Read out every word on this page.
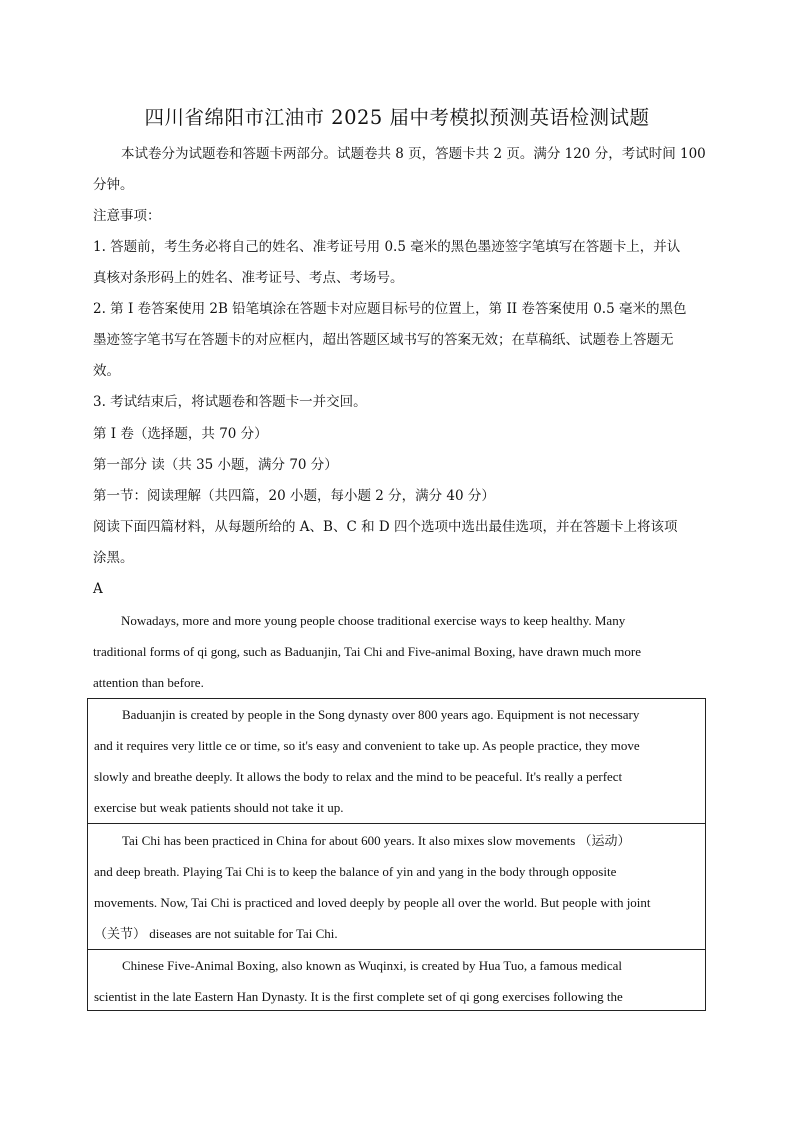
四川省绵阳市江油市 2025 届中考模拟预测英语检测试题
本试卷分为试题卷和答题卡两部分。试题卷共 8 页，答题卡共 2 页。满分 120 分，考试时间 100
分钟。
注意事项：
1. 答题前，考生务必将自己的姓名、准考证号用 0.5 毫米的黑色墨迹签字笔填写在答题卡上，并认
真核对条形码上的姓名、准考证号、考点、考场号。
2. 第 I 卷答案使用 2B 铅笔填涂在答题卡对应题目标号的位置上，第 II 卷答案使用 0.5 毫米的黑色
墨迹签字笔书写在答题卡的对应框内，超出答题区域书写的答案无效；在草稿纸、试题卷上答题无
效。
3. 考试结束后，将试题卷和答题卡一并交回。
第 I 卷（选择题，共 70 分）
第一部分 读（共 35 小题，满分 70 分）
第一节：阅读理解（共四篇，20 小题，每小题 2 分，满分 40 分）
阅读下面四篇材料，从每题所给的 A、B、C 和 D 四个选项中选出最佳选项，并在答题卡上将该项
涂黑。
A
Nowadays, more and more young people choose traditional exercise ways to keep healthy. Many
traditional forms of qi gong, such as Baduanjin, Tai Chi and Five-animal Boxing, have drawn much more
attention than before.
Baduanjin is created by people in the Song dynasty over 800 years ago. Equipment is not necessary
and it requires very little ce or time, so it's easy and convenient to take up. As people practice, they move
slowly and breathe deeply. It allows the body to relax and the mind to be peaceful. It's really a perfect
exercise but weak patients should not take it up.
Tai Chi has been practiced in China for about 600 years. It also mixes slow movements （运动）
and deep breath. Playing Tai Chi is to keep the balance of yin and yang in the body through opposite
movements. Now, Tai Chi is practiced and loved deeply by people all over the world. But people with joint
（关节） diseases are not suitable for Tai Chi.
Chinese Five-Animal Boxing, also known as Wuqinxi, is created by Hua Tuo, a famous medical
scientist in the late Eastern Han Dynasty. It is the first complete set of qi gong exercises following the
